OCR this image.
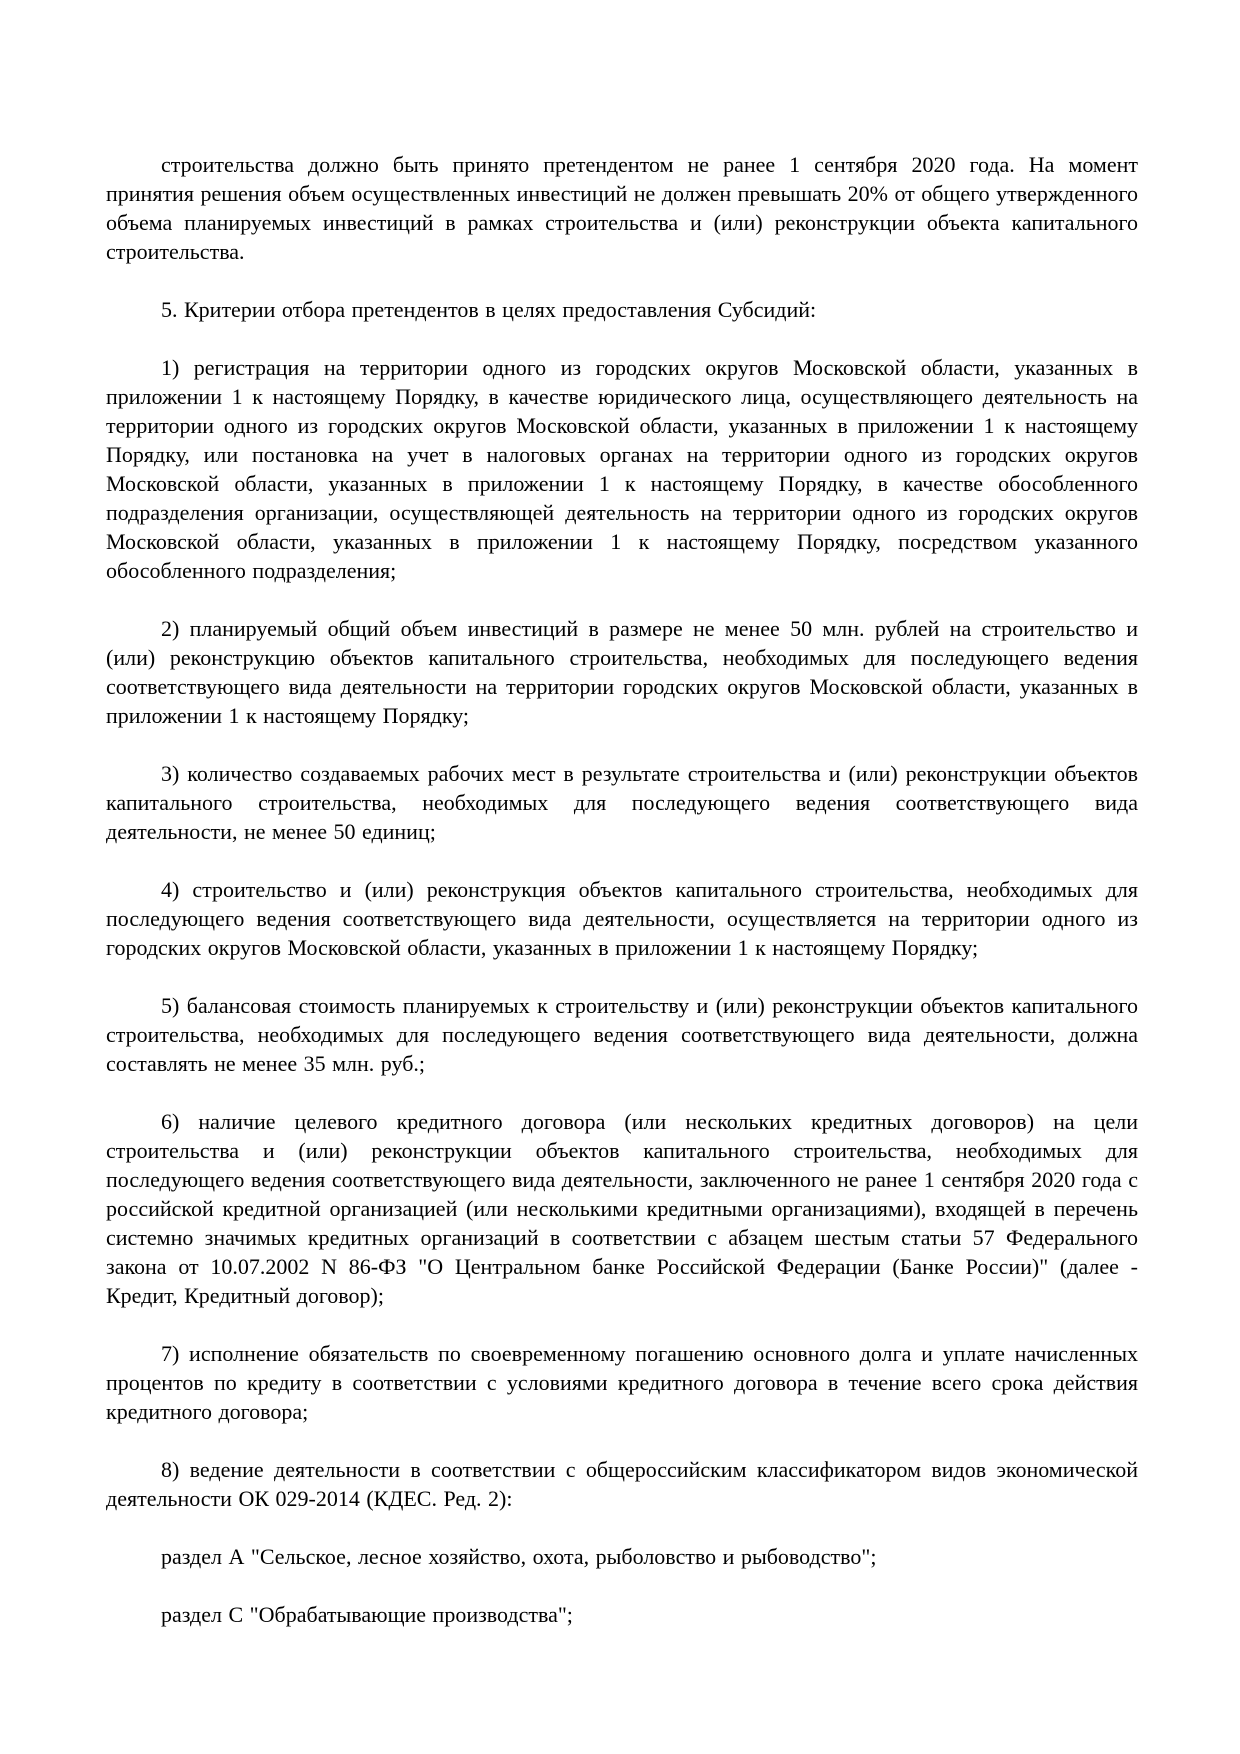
строительства должно быть принято претендентом не ранее 1 сентября 2020 года. На момент принятия решения объем осуществленных инвестиций не должен превышать 20% от общего утвержденного объема планируемых инвестиций в рамках строительства и (или) реконструкции объекта капитального строительства.

5. Критерии отбора претендентов в целях предоставления Субсидий:

1) регистрация на территории одного из городских округов Московской области, указанных в приложении 1 к настоящему Порядку, в качестве юридического лица, осуществляющего деятельность на территории одного из городских округов Московской области, указанных в приложении 1 к настоящему Порядку, или постановка на учет в налоговых органах на территории одного из городских округов Московской области, указанных в приложении 1 к настоящему Порядку, в качестве обособленного подразделения организации, осуществляющей деятельность на территории одного из городских округов Московской области, указанных в приложении 1 к настоящему Порядку, посредством указанного обособленного подразделения;

2) планируемый общий объем инвестиций в размере не менее 50 млн. рублей на строительство и (или) реконструкцию объектов капитального строительства, необходимых для последующего ведения соответствующего вида деятельности на территории городских округов Московской области, указанных в приложении 1 к настоящему Порядку;

3) количество создаваемых рабочих мест в результате строительства и (или) реконструкции объектов капитального строительства, необходимых для последующего ведения соответствующего вида деятельности, не менее 50 единиц;

4) строительство и (или) реконструкция объектов капитального строительства, необходимых для последующего ведения соответствующего вида деятельности, осуществляется на территории одного из городских округов Московской области, указанных в приложении 1 к настоящему Порядку;

5) балансовая стоимость планируемых к строительству и (или) реконструкции объектов капитального строительства, необходимых для последующего ведения соответствующего вида деятельности, должна составлять не менее 35 млн. руб.;

6) наличие целевого кредитного договора (или нескольких кредитных договоров) на цели строительства и (или) реконструкции объектов капитального строительства, необходимых для последующего ведения соответствующего вида деятельности, заключенного не ранее 1 сентября 2020 года с российской кредитной организацией (или несколькими кредитными организациями), входящей в перечень системно значимых кредитных организаций в соответствии с абзацем шестым статьи 57 Федерального закона от 10.07.2002 N 86-ФЗ "О Центральном банке Российской Федерации (Банке России)" (далее - Кредит, Кредитный договор);

7) исполнение обязательств по своевременному погашению основного долга и уплате начисленных процентов по кредиту в соответствии с условиями кредитного договора в течение всего срока действия кредитного договора;

8) ведение деятельности в соответствии с общероссийским классификатором видов экономической деятельности ОК 029-2014 (КДЕС. Ред. 2):

раздел А "Сельское, лесное хозяйство, охота, рыболовство и рыбоводство";

раздел C "Обрабатывающие производства";
